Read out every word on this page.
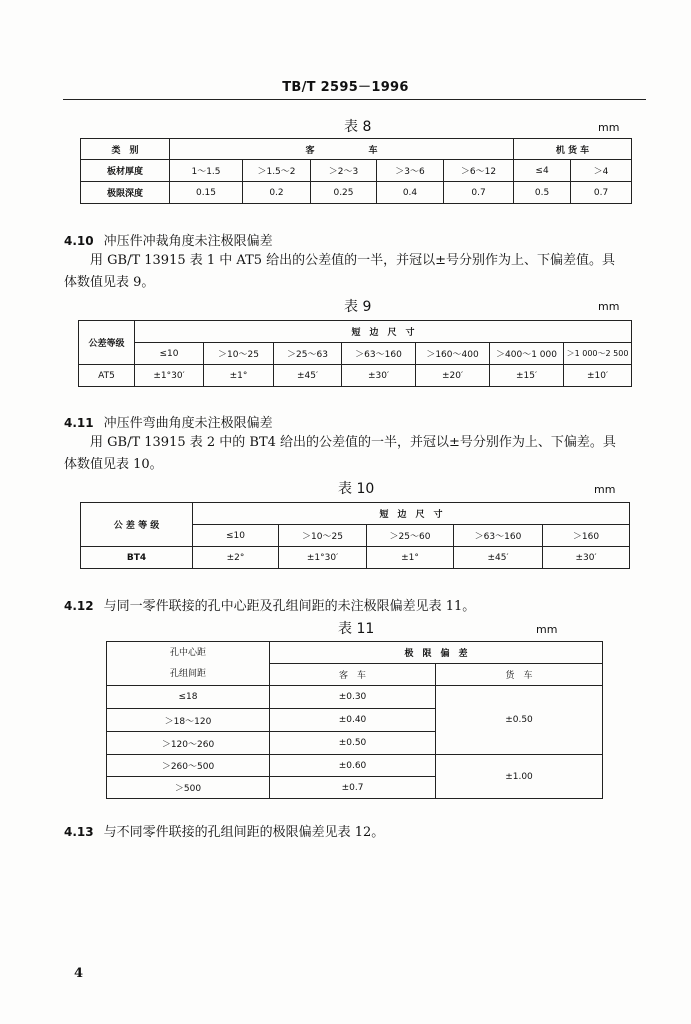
TB/T 2595－1996
表 8	mm
类　别	客　　　　　　车					机 货 车	
板材厚度	1～1.5	＞1.5～2	＞2～3	＞3～6	＞6～12	≤4	＞4
极限深度	0.15	0.2	0.25	0.4	0.7	0.5	0.7
4.10 冲压件冲裁角度未注极限偏差
用 GB/T 13915 表 1 中 AT5 给出的公差值的一半，并冠以±号分别作为上、下偏差值。具
体数值见表 9。
表 9	mm
公差等级	短　边　尺　寸						
	≤10	＞10～25	＞25～63	＞63～160	＞160～400	＞400～1 000	＞1 000～2 500
AT5	±1°30′	±1°	±45′	±30′	±20′	±15′	±10′
4.11 冲压件弯曲角度未注极限偏差
用 GB/T 13915 表 2 中的 BT4 给出的公差值的一半，并冠以±号分别作为上、下偏差。具
体数值见表 10。
表 10	mm
公 差 等 级	短　边　尺　寸				
	≤10	＞10～25	＞25～60	＞63～160	＞160
BT4	±2°	±1°30′	±1°	±45′	±30′
4.12 与同一零件联接的孔中心距及孔组间距的未注极限偏差见表 11。
表 11	mm
孔中心距
孔组间距	极　限　偏　差	
	客　车	货　车
≤18	±0.30	±0.50
＞18～120	±0.40	
＞120～260	±0.50	
＞260～500	±0.60	±1.00
＞500	±0.7	
4.13 与不同零件联接的孔组间距的极限偏差见表 12。
4
